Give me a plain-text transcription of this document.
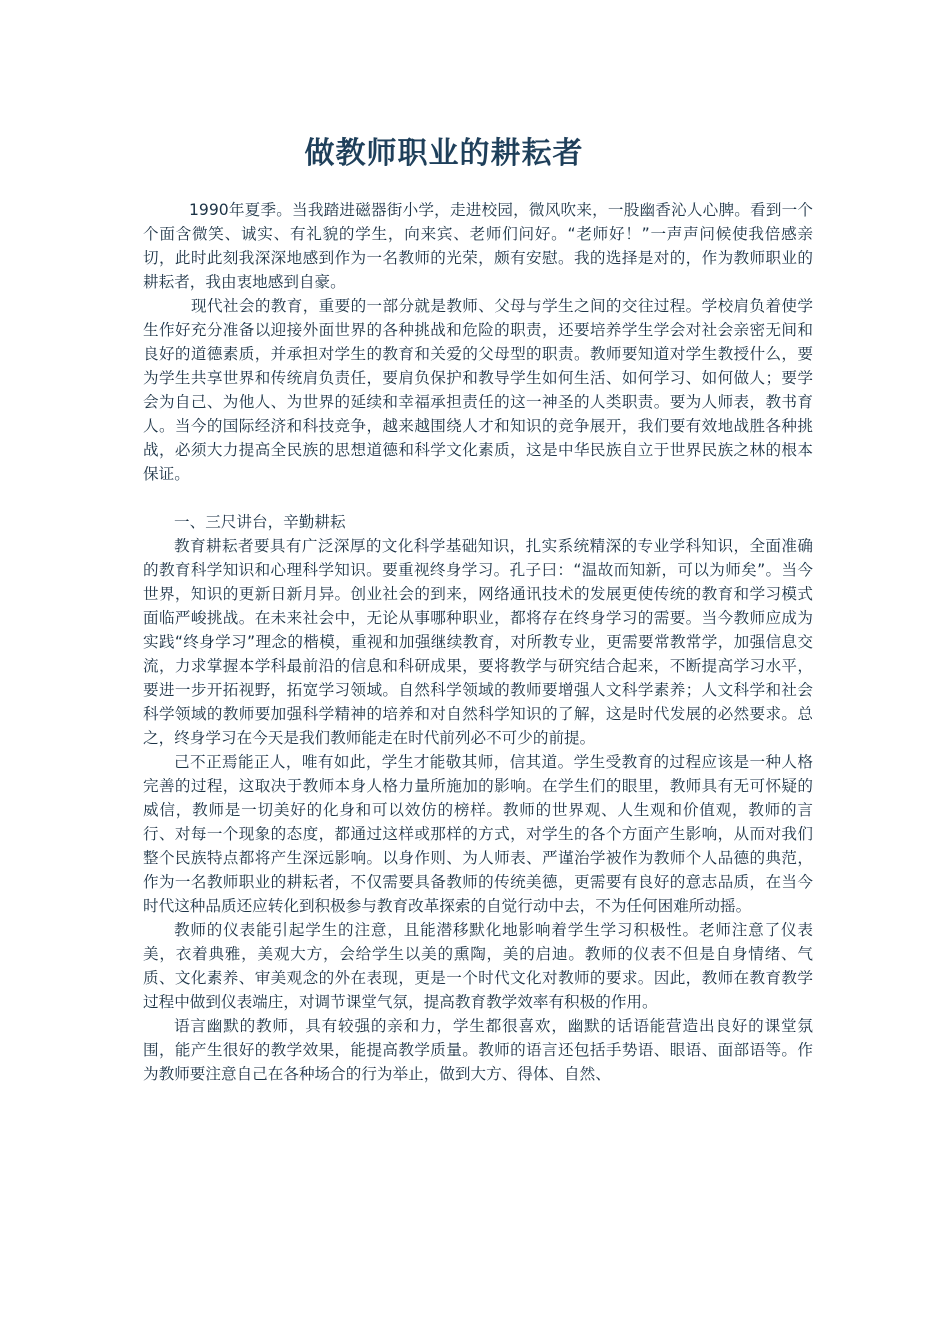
做教师职业的耕耘者

1990年夏季。当我踏进磁器街小学，走进校园，微风吹来，一股幽香沁人心脾。看到一个个面含微笑、诚实、有礼貌的学生，向来宾、老师们问好。“老师好！”一声声问候使我倍感亲切，此时此刻我深深地感到作为一名教师的光荣，颇有安慰。我的选择是对的，作为教师职业的耕耘者，我由衷地感到自豪。

现代社会的教育，重要的一部分就是教师、父母与学生之间的交往过程。学校肩负着使学生作好充分准备以迎接外面世界的各种挑战和危险的职责，还要培养学生学会对社会亲密无间和良好的道德素质，并承担对学生的教育和关爱的父母型的职责。教师要知道对学生教授什么，要为学生共享世界和传统肩负责任，要肩负保护和教导学生如何生活、如何学习、如何做人；要学会为自己、为他人、为世界的延续和幸福承担责任的这一神圣的人类职责。要为人师表，教书育人。当今的国际经济和科技竞争，越来越围绕人才和知识的竞争展开，我们要有效地战胜各种挑战，必须大力提高全民族的思想道德和科学文化素质，这是中华民族自立于世界民族之林的根本保证。

一、三尺讲台，辛勤耕耘

教育耕耘者要具有广泛深厚的文化科学基础知识，扎实系统精深的专业学科知识，全面准确的教育科学知识和心理科学知识。要重视终身学习。孔子曰：“温故而知新，可以为师矣”。当今世界，知识的更新日新月异。创业社会的到来，网络通讯技术的发展更使传统的教育和学习模式面临严峻挑战。在未来社会中，无论从事哪种职业，都将存在终身学习的需要。当今教师应成为实践“终身学习”理念的楷模，重视和加强继续教育，对所教专业，更需要常教常学，加强信息交流，力求掌握本学科最前沿的信息和科研成果，要将教学与研究结合起来，不断提高学习水平，要进一步开拓视野，拓宽学习领域。自然科学领域的教师要增强人文科学素养；人文科学和社会科学领域的教师要加强科学精神的培养和对自然科学知识的了解，这是时代发展的必然要求。总之，终身学习在今天是我们教师能走在时代前列必不可少的前提。

己不正焉能正人，唯有如此，学生才能敬其师，信其道。学生受教育的过程应该是一种人格完善的过程，这取决于教师本身人格力量所施加的影响。在学生们的眼里，教师具有无可怀疑的威信，教师是一切美好的化身和可以效仿的榜样。教师的世界观、人生观和价值观，教师的言行、对每一个现象的态度，都通过这样或那样的方式，对学生的各个方面产生影响，从而对我们整个民族特点都将产生深远影响。以身作则、为人师表、严谨治学被作为教师个人品德的典范，作为一名教师职业的耕耘者，不仅需要具备教师的传统美德，更需要有良好的意志品质，在当今时代这种品质还应转化到积极参与教育改革探索的自觉行动中去，不为任何困难所动摇。

教师的仪表能引起学生的注意，且能潜移默化地影响着学生学习积极性。老师注意了仪表美，衣着典雅，美观大方，会给学生以美的熏陶，美的启迪。教师的仪表不但是自身情绪、气质、文化素养、审美观念的外在表现，更是一个时代文化对教师的要求。因此，教师在教育教学过程中做到仪表端庄，对调节课堂气氛，提高教育教学效率有积极的作用。

语言幽默的教师，具有较强的亲和力，学生都很喜欢，幽默的话语能营造出良好的课堂氛围，能产生很好的教学效果，能提高教学质量。教师的语言还包括手势语、眼语、面部语等。作为教师要注意自己在各种场合的行为举止，做到大方、得体、自然、
